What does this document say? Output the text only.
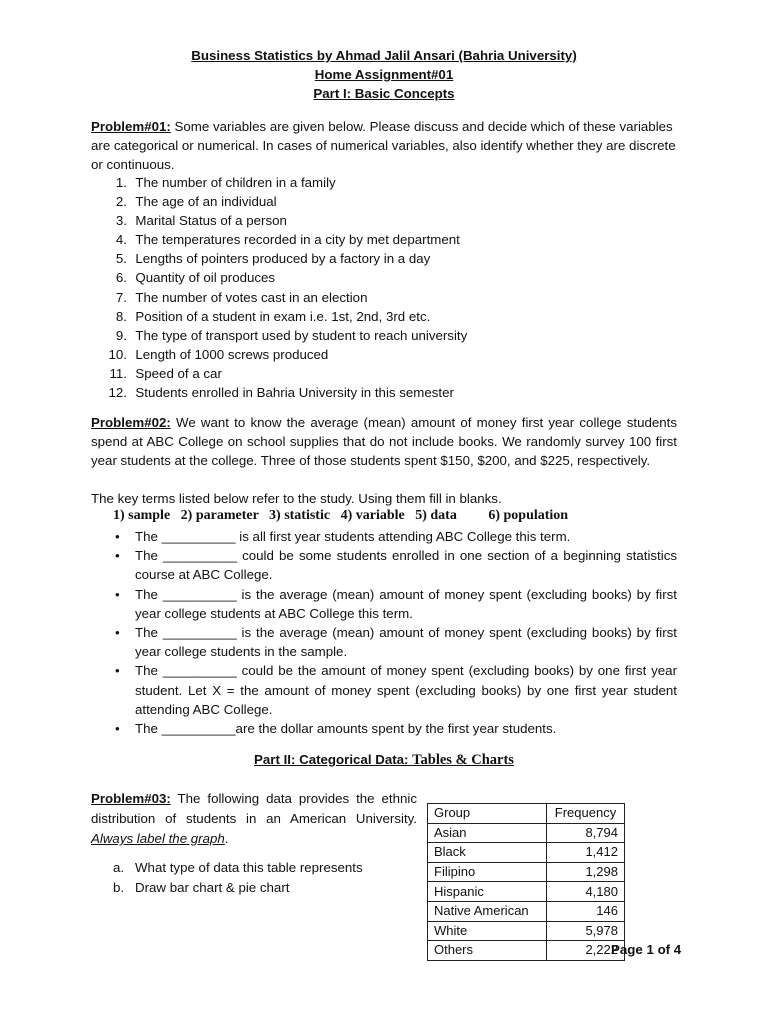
Business Statistics by Ahmad Jalil Ansari (Bahria University)
Home Assignment#01
Part I: Basic Concepts
Problem#01: Some variables are given below. Please discuss and decide which of these variables are categorical or numerical. In cases of numerical variables, also identify whether they are discrete or continuous.
1. The number of children in a family
2. The age of an individual
3. Marital Status of a person
4. The temperatures recorded in a city by met department
5. Lengths of pointers produced by a factory in a day
6. Quantity of oil produces
7. The number of votes cast in an election
8. Position of a student in exam i.e. 1st, 2nd, 3rd etc.
9. The type of transport used by student to reach university
10. Length of 1000 screws produced
11. Speed of a car
12. Students enrolled in Bahria University in this semester
Problem#02: We want to know the average (mean) amount of money first year college students spend at ABC College on school supplies that do not include books. We randomly survey 100 first year students at the college. Three of those students spent $150, $200, and $225, respectively.
The key terms listed below refer to the study. Using them fill in blanks.
1) sample   2) parameter   3) statistic   4) variable   5) data         6) population
• The __________ is all first year students attending ABC College this term.
• The __________ could be some students enrolled in one section of a beginning statistics course at ABC College.
• The __________ is the average (mean) amount of money spent (excluding books) by first year college students at ABC College this term.
• The __________ is the average (mean) amount of money spent (excluding books) by first year college students in the sample.
• The __________ could be the amount of money spent (excluding books) by one first year student. Let X = the amount of money spent (excluding books) by one first year student attending ABC College.
• The __________are the dollar amounts spent by the first year students.
Part II: Categorical Data: Tables & Charts
Problem#03: The following data provides the ethnic distribution of students in an American University. Always label the graph.
a. What type of data this table represents
b. Draw bar chart & pie chart
Group	Frequency
Asian	8,794
Black	1,412
Filipino	1,298
Hispanic	4,180
Native American	146
White	5,978
Others	2,222
Page 1 of 4
